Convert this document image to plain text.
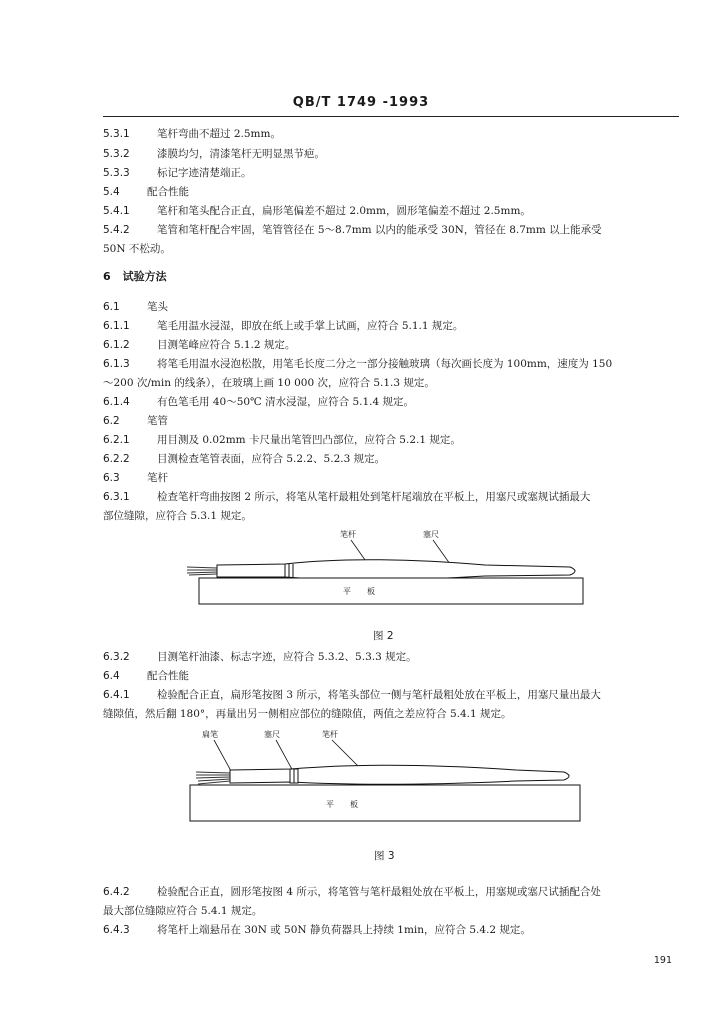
QB/T 1749 -1993
5.3.1	笔杆弯曲不超过 2.5mm。
5.3.2	漆膜均匀，清漆笔杆无明显黑节疤。
5.3.3	标记字迹清楚端正。
5.4	配合性能
5.4.1	笔杆和笔头配合正直，扁形笔偏差不超过 2.0mm，圆形笔偏差不超过 2.5mm。
5.4.2	笔管和笔杆配合牢固，笔管管径在 5～8.7mm 以内的能承受 30N，管径在 8.7mm 以上能承受
50N 不松动。
6 试验方法
6.1	笔头
6.1.1	笔毛用温水浸湿，即放在纸上或手掌上试画，应符合 5.1.1 规定。
6.1.2	目测笔峰应符合 5.1.2 规定。
6.1.3	将笔毛用温水浸泡松散，用笔毛长度二分之一部分接触玻璃（每次画长度为 100mm，速度为 150
～200 次/min 的线条），在玻璃上画 10 000 次，应符合 5.1.3 规定。
6.1.4	有色笔毛用 40～50℃ 清水浸湿，应符合 5.1.4 规定。
6.2	笔管
6.2.1	用目测及 0.02mm 卡尺量出笔管凹凸部位，应符合 5.2.1 规定。
6.2.2	目测检查笔管表面，应符合 5.2.2、5.2.3 规定。
6.3	笔杆
6.3.1	检查笔杆弯曲按图 2 所示，将笔从笔杆最粗处到笔杆尾端放在平板上，用塞尺或塞规试插最大
部位缝隙，应符合 5.3.1 规定。
笔杆	塞尺
平　　板
图 2
6.3.2	目测笔杆油漆、标志字迹，应符合 5.3.2、5.3.3 规定。
6.4	配合性能
6.4.1	检验配合正直，扁形笔按图 3 所示，将笔头部位一侧与笔杆最粗处放在平板上，用塞尺量出最大
缝隙值，然后翻 180°，再量出另一侧相应部位的缝隙值，两值之差应符合 5.4.1 规定。
扁笔	塞尺	笔杆
平　　板
图 3
6.4.2	检验配合正直，圆形笔按图 4 所示，将笔管与笔杆最粗处放在平板上，用塞规或塞尺试插配合处
最大部位缝隙应符合 5.4.1 规定。
6.4.3	将笔杆上端悬吊在 30N 或 50N 静负荷器具上持续 1min，应符合 5.4.2 规定。
191
